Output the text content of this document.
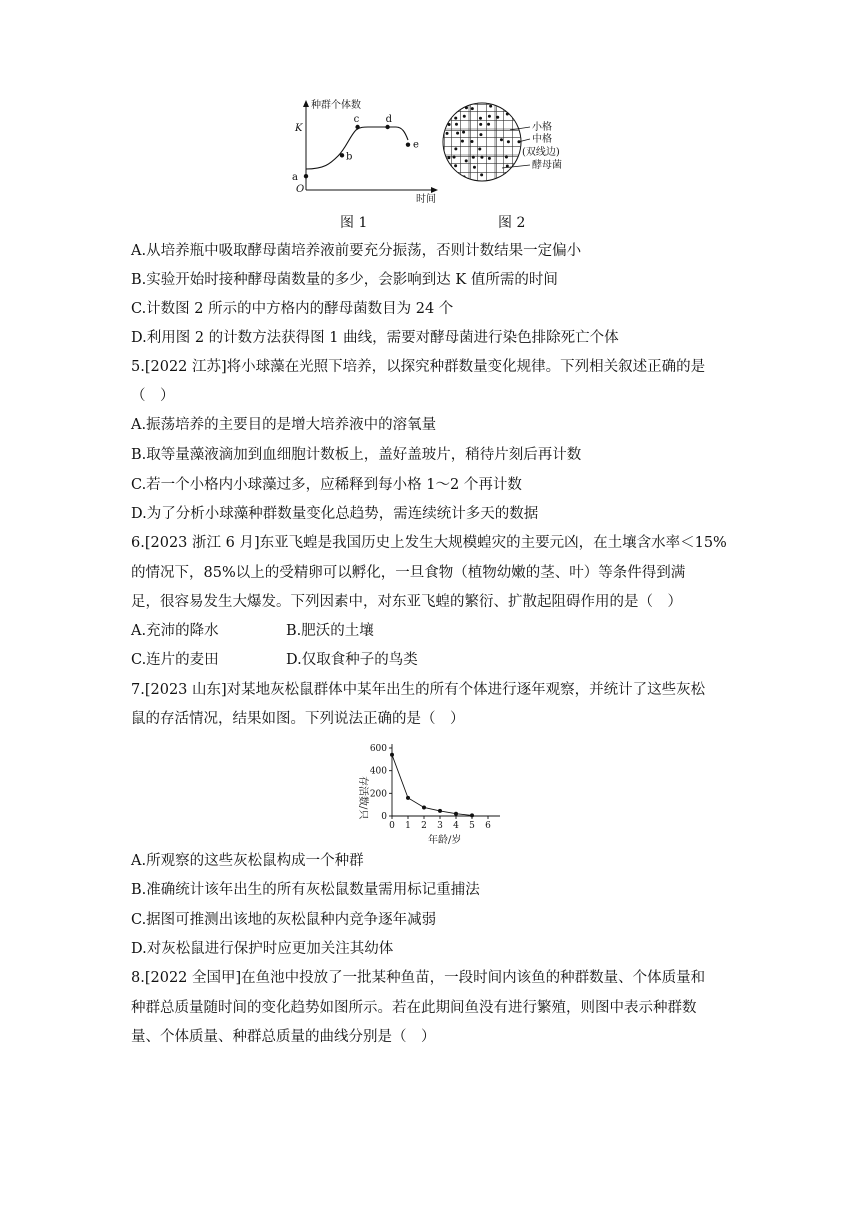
种群个体数
K
O
时间
a
b
c	d
e
小格
中格
(双线边)
酵母菌
图 1	图 2
A.从培养瓶中吸取酵母菌培养液前要充分振荡，否则计数结果一定偏小
B.实验开始时接种酵母菌数量的多少，会影响到达 K 值所需的时间
C.计数图 2 所示的中方格内的酵母菌数目为 24 个
D.利用图 2 的计数方法获得图 1 曲线，需要对酵母菌进行染色排除死亡个体
5.[2022 江苏]将小球藻在光照下培养，以探究种群数量变化规律。下列相关叙述正确的是
（　）
A.振荡培养的主要目的是增大培养液中的溶氧量
B.取等量藻液滴加到血细胞计数板上，盖好盖玻片，稍待片刻后再计数
C.若一个小格内小球藻过多，应稀释到每小格 1～2 个再计数
D.为了分析小球藻种群数量变化总趋势，需连续统计多天的数据
6.[2023 浙江 6 月]东亚飞蝗是我国历史上发生大规模蝗灾的主要元凶，在土壤含水率＜15%
的情况下，85%以上的受精卵可以孵化，一旦食物（植物幼嫩的茎、叶）等条件得到满
足，很容易发生大爆发。下列因素中，对东亚飞蝗的繁衍、扩散起阻碍作用的是（　）
A.充沛的降水	B.肥沃的土壤
C.连片的麦田	D.仅取食种子的鸟类
7.[2023 山东]对某地灰松鼠群体中某年出生的所有个体进行逐年观察，并统计了这些灰松
鼠的存活情况，结果如图。下列说法正确的是（　）
0
200
400
600
0 1 2 3 4 5 6
年龄/岁
存活数/只
A.所观察的这些灰松鼠构成一个种群
B.准确统计该年出生的所有灰松鼠数量需用标记重捕法
C.据图可推测出该地的灰松鼠种内竞争逐年减弱
D.对灰松鼠进行保护时应更加关注其幼体
8.[2022 全国甲]在鱼池中投放了一批某种鱼苗，一段时间内该鱼的种群数量、个体质量和
种群总质量随时间的变化趋势如图所示。若在此期间鱼没有进行繁殖，则图中表示种群数
量、个体质量、种群总质量的曲线分别是（　）
